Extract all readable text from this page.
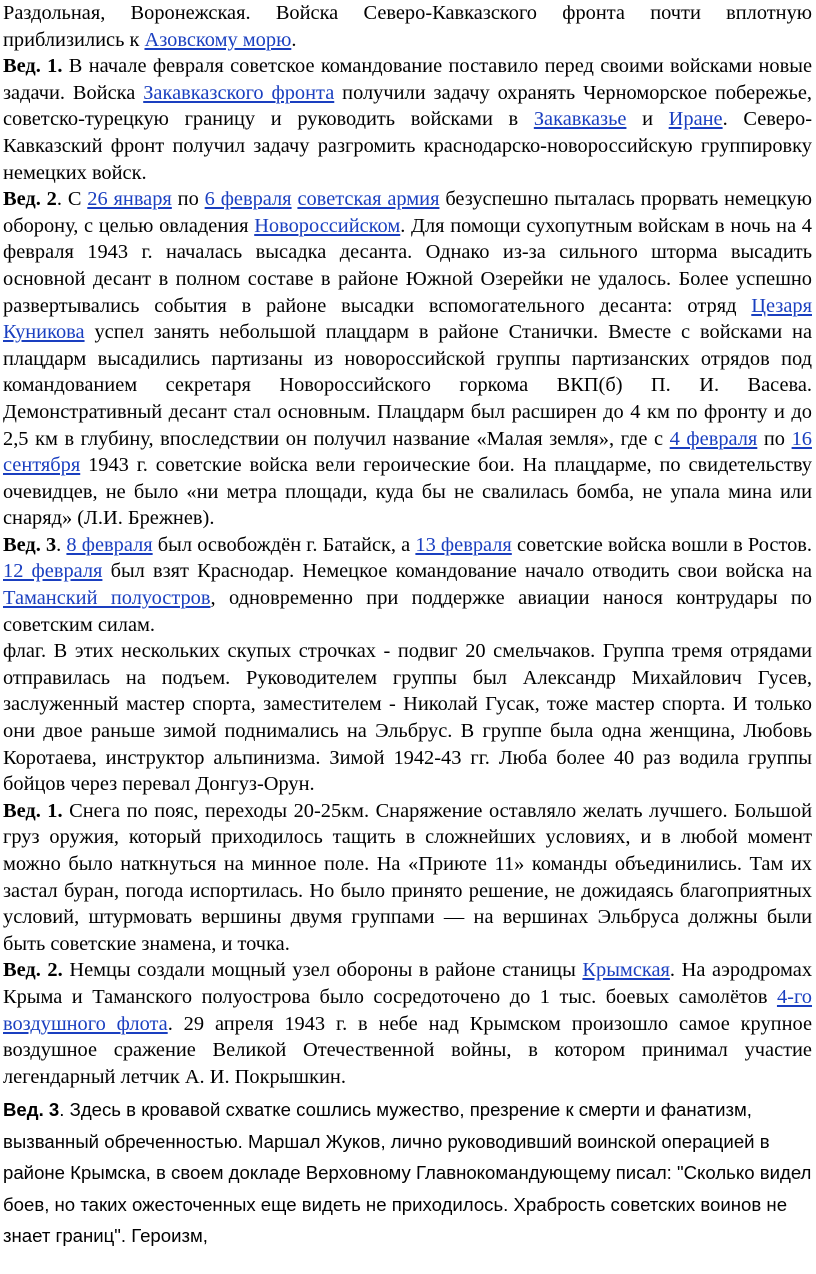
Раздольная, Воронежская. Войска Северо-Кавказского фронта почти вплотную приблизились к Азовскому морю.

Вед. 1. В начале февраля советское командование поставило перед своими войсками новые задачи. Войска Закавказского фронта получили задачу охранять Черноморское побережье, советско-турецкую границу и руководить войсками в Закавказье и Иране. Северо-Кавказский фронт получил задачу разгромить краснодарско-новороссийскую группировку немецких войск.

Вед. 2. С 26 января по 6 февраля советская армия безуспешно пыталась прорвать немецкую оборону, с целью овладения Новороссийском. Для помощи сухопутным войскам в ночь на 4 февраля 1943 г. началась высадка десанта. Однако из-за сильного шторма высадить основной десант в полном составе в районе Южной Озерейки не удалось. Более успешно развертывались события в районе высадки вспомогательного десанта: отряд Цезаря Куникова успел занять небольшой плацдарм в районе Станички. Вместе с войсками на плацдарм высадились партизаны из новороссийской группы партизанских отрядов под командованием секретаря Новороссийского горкома ВКП(б) П. И. Васева. Демонстративный десант стал основным. Плацдарм был расширен до 4 км по фронту и до 2,5 км в глубину, впоследствии он получил название «Малая земля», где с 4 февраля по 16 сентября 1943 г. советские войска вели героические бои. На плацдарме, по свидетельству очевидцев, не было «ни метра площади, куда бы не свалилась бомба, не упала мина или снаряд» (Л.И. Брежнев).

Вед. 3. 8 февраля был освобождён г. Батайск, а 13 февраля советские войска вошли в Ростов. 12 февраля был взят Краснодар. Немецкое командование начало отводить свои войска на Таманский полуостров, одновременно при поддержке авиации нанося контрудары по советским силам.

флаг. В этих нескольких скупых строчках - подвиг 20 смельчаков. Группа тремя отрядами отправилась на подъем. Руководителем группы был Александр Михайлович Гусев, заслуженный мастер спорта, заместителем - Николай Гусак, тоже мастер спорта. И только они двое раньше зимой поднимались на Эльбрус. В группе была одна женщина, Любовь Коротаева, инструктор альпинизма. Зимой 1942-43 гг. Люба более 40 раз водила группы бойцов через перевал Донгуз-Орун.

Вед. 1. Снега по пояс, переходы 20-25км. Снаряжение оставляло желать лучшего. Большой груз оружия, который приходилось тащить в сложнейших условиях, и в любой момент можно было наткнуться на минное поле. На «Приюте 11» команды объединились. Там их застал буран, погода испортилась. Но было принято решение, не дожидаясь благоприятных условий, штурмовать вершины двумя группами — на вершинах Эльбруса должны были быть советские знамена, и точка.

Вед. 2. Немцы создали мощный узел обороны в районе станицы Крымская. На аэродромах Крыма и Таманского полуострова было сосредоточено до 1 тыс. боевых самолётов 4-го воздушного флота. 29 апреля 1943 г. в небе над Крымском произошло самое крупное воздушное сражение Великой Отечественной войны, в котором принимал участие легендарный летчик А. И. Покрышкин.

Вед. 3. Здесь в кровавой схватке сошлись мужество, презрение к смерти и фанатизм, вызванный обреченностью. Маршал Жуков, лично руководивший воинской операцией в районе Крымска, в своем докладе Верховному Главнокомандующему писал: "Сколько видел боев, но таких ожесточенных еще видеть не приходилось. Храбрость советских воинов не знает границ". Героизм,
